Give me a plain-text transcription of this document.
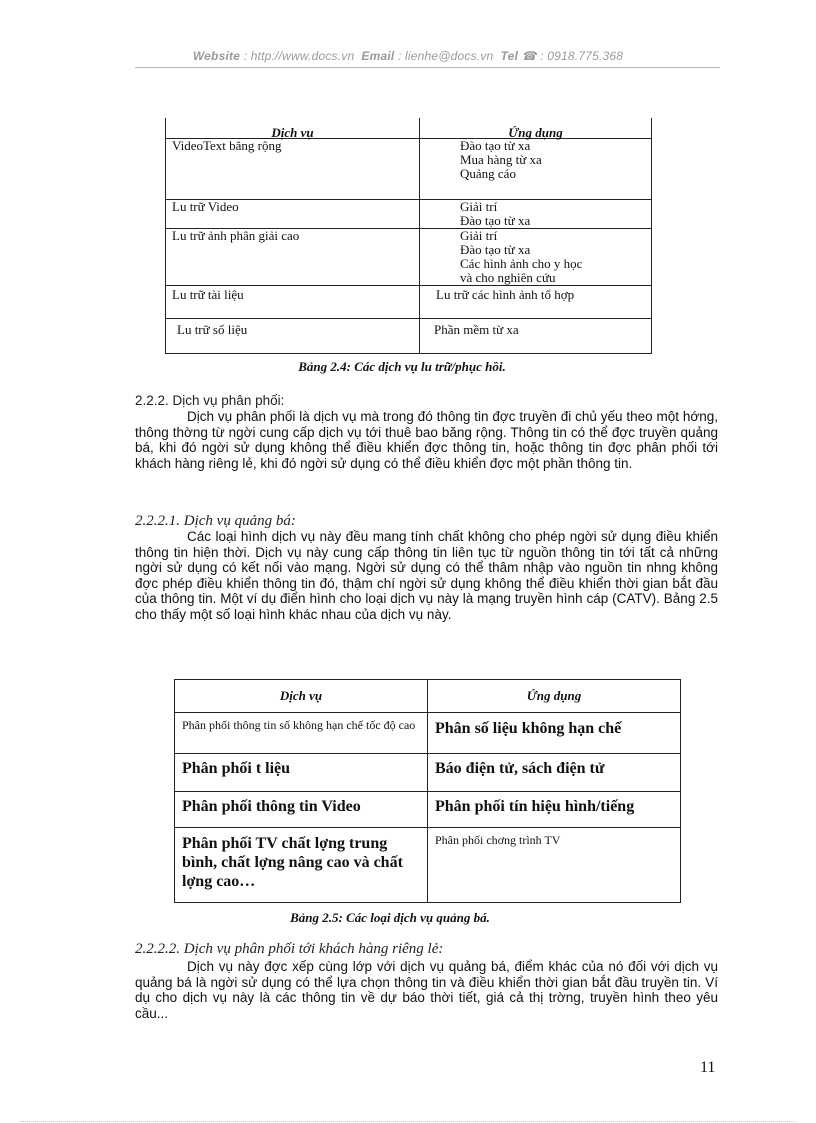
Website : http://www.docs.vn Email : lienhe@docs.vn Tel ☎ : 0918.775.368
Dịch vụ	Ứng dụng
VideoText băng rộng	Đào tạo từ xa
Mua hàng từ xa
Quảng cáo

Lu trữ Video	Giải trí
Đào tạo từ xa

Lu trữ ảnh phân giải cao	Giải trí
Đào tạo từ xa
Các hình ảnh cho y học
và cho nghiên cứu

Lu trữ tài liệu	Lu trữ các hình ảnh tổ hợp
Lu trữ số liệu	Phần mềm từ xa
Bảng 2.4: Các dịch vụ lu trữ/phục hồi.
2.2.2. Dịch vụ phân phối:

Dịch vụ phân phối là dịch vụ mà trong đó thông tin đợc truyền đi chủ yếu theo một hớng, thông thờng từ ngời cung cấp dịch vụ tới thuê bao băng rộng. Thông tin có thể đợc truyền quảng bá, khi đó ngời sử dụng không thể điều khiển đợc thông tin, hoặc thông tin đợc phân phối tới khách hàng riêng lẻ, khi đó ngời sử dụng có thể điều khiển đợc một phần thông tin.

2.2.2.1. Dịch vụ quảng bá:

Các loại hình dịch vụ này đều mang tính chất không cho phép ngời sử dụng điều khiển thông tin hiện thời. Dịch vụ này cung cấp thông tin liên tục từ nguồn thông tin tới tất cả những ngời sử dụng có kết nối vào mạng. Ngời sử dụng có thể thâm nhập vào nguồn tin nhng không đợc phép điều khiển thông tin đó, thậm chí ngời sử dụng không thể điều khiển thời gian bắt đầu của thông tin. Một ví dụ điển hình cho loại dịch vụ này là mạng truyền hình cáp (CATV). Bảng 2.5 cho thấy một số loại hình khác nhau của dịch vụ này.

Dịch vụ	Ứng dụng
Phân phối thông tin số không hạn chế tốc độ cao	Phân số liệu không hạn chế
Phân phối t liệu	Báo điện tử, sách điện tử
Phân phối thông tin Video	Phân phối tín hiệu hình/tiếng
Phân phối TV chất lợng trung bình, chất lợng nâng cao và chất lợng cao…	Phân phối chơng trình TV
Bảng 2.5: Các loại dịch vụ quảng bá.
2.2.2.2. Dịch vụ phân phối tới khách hàng riêng lẻ:

Dịch vụ này đợc xếp cùng lớp với dịch vụ quảng bá, điểm khác của nó đối với dịch vụ quảng bá là ngời sử dụng có thể lựa chọn thông tin và điều khiển thời gian bắt đầu truyền tin. Ví dụ cho dịch vụ này là các thông tin về dự báo thời tiết, giá cả thị trờng, truyền hình theo yêu cầu...

11
